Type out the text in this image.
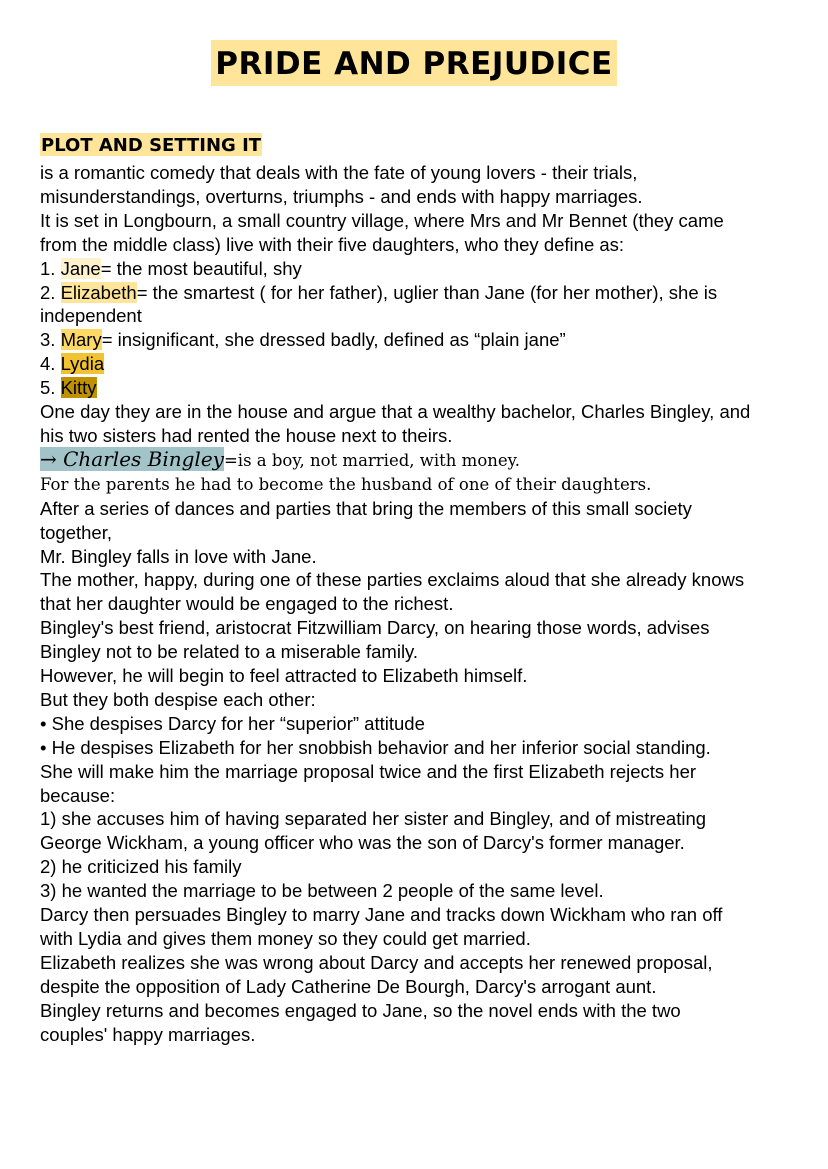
PRIDE AND PREJUDICE
PLOT AND SETTING IT
is a romantic comedy that deals with the fate of young lovers - their trials,
misunderstandings, overturns, triumphs - and ends with happy marriages.
It is set in Longbourn, a small country village, where Mrs and Mr Bennet (they came
from the middle class) live with their five daughters, who they define as:
1. Jane= the most beautiful, shy
2. Elizabeth= the smartest ( for her father), uglier than Jane (for her mother), she is
independent
3. Mary= insignificant, she dressed badly, defined as “plain jane”
4. Lydia
5. Kitty
One day they are in the house and argue that a wealthy bachelor, Charles Bingley, and
his two sisters had rented the house next to theirs.
→ Charles Bingley=is a boy, not married, with money.
For the parents he had to become the husband of one of their daughters.
After a series of dances and parties that bring the members of this small society
together,
Mr. Bingley falls in love with Jane.
The mother, happy, during one of these parties exclaims aloud that she already knows
that her daughter would be engaged to the richest.
Bingley's best friend, aristocrat Fitzwilliam Darcy, on hearing those words, advises
Bingley not to be related to a miserable family.
However, he will begin to feel attracted to Elizabeth himself.
But they both despise each other:
• She despises Darcy for her “superior” attitude
• He despises Elizabeth for her snobbish behavior and her inferior social standing.
She will make him the marriage proposal twice and the first Elizabeth rejects her
because:
1) she accuses him of having separated her sister and Bingley, and of mistreating
George Wickham, a young officer who was the son of Darcy's former manager.
2) he criticized his family
3) he wanted the marriage to be between 2 people of the same level.
Darcy then persuades Bingley to marry Jane and tracks down Wickham who ran off
with Lydia and gives them money so they could get married.
Elizabeth realizes she was wrong about Darcy and accepts her renewed proposal,
despite the opposition of Lady Catherine De Bourgh, Darcy's arrogant aunt.
Bingley returns and becomes engaged to Jane, so the novel ends with the two
couples' happy marriages.
